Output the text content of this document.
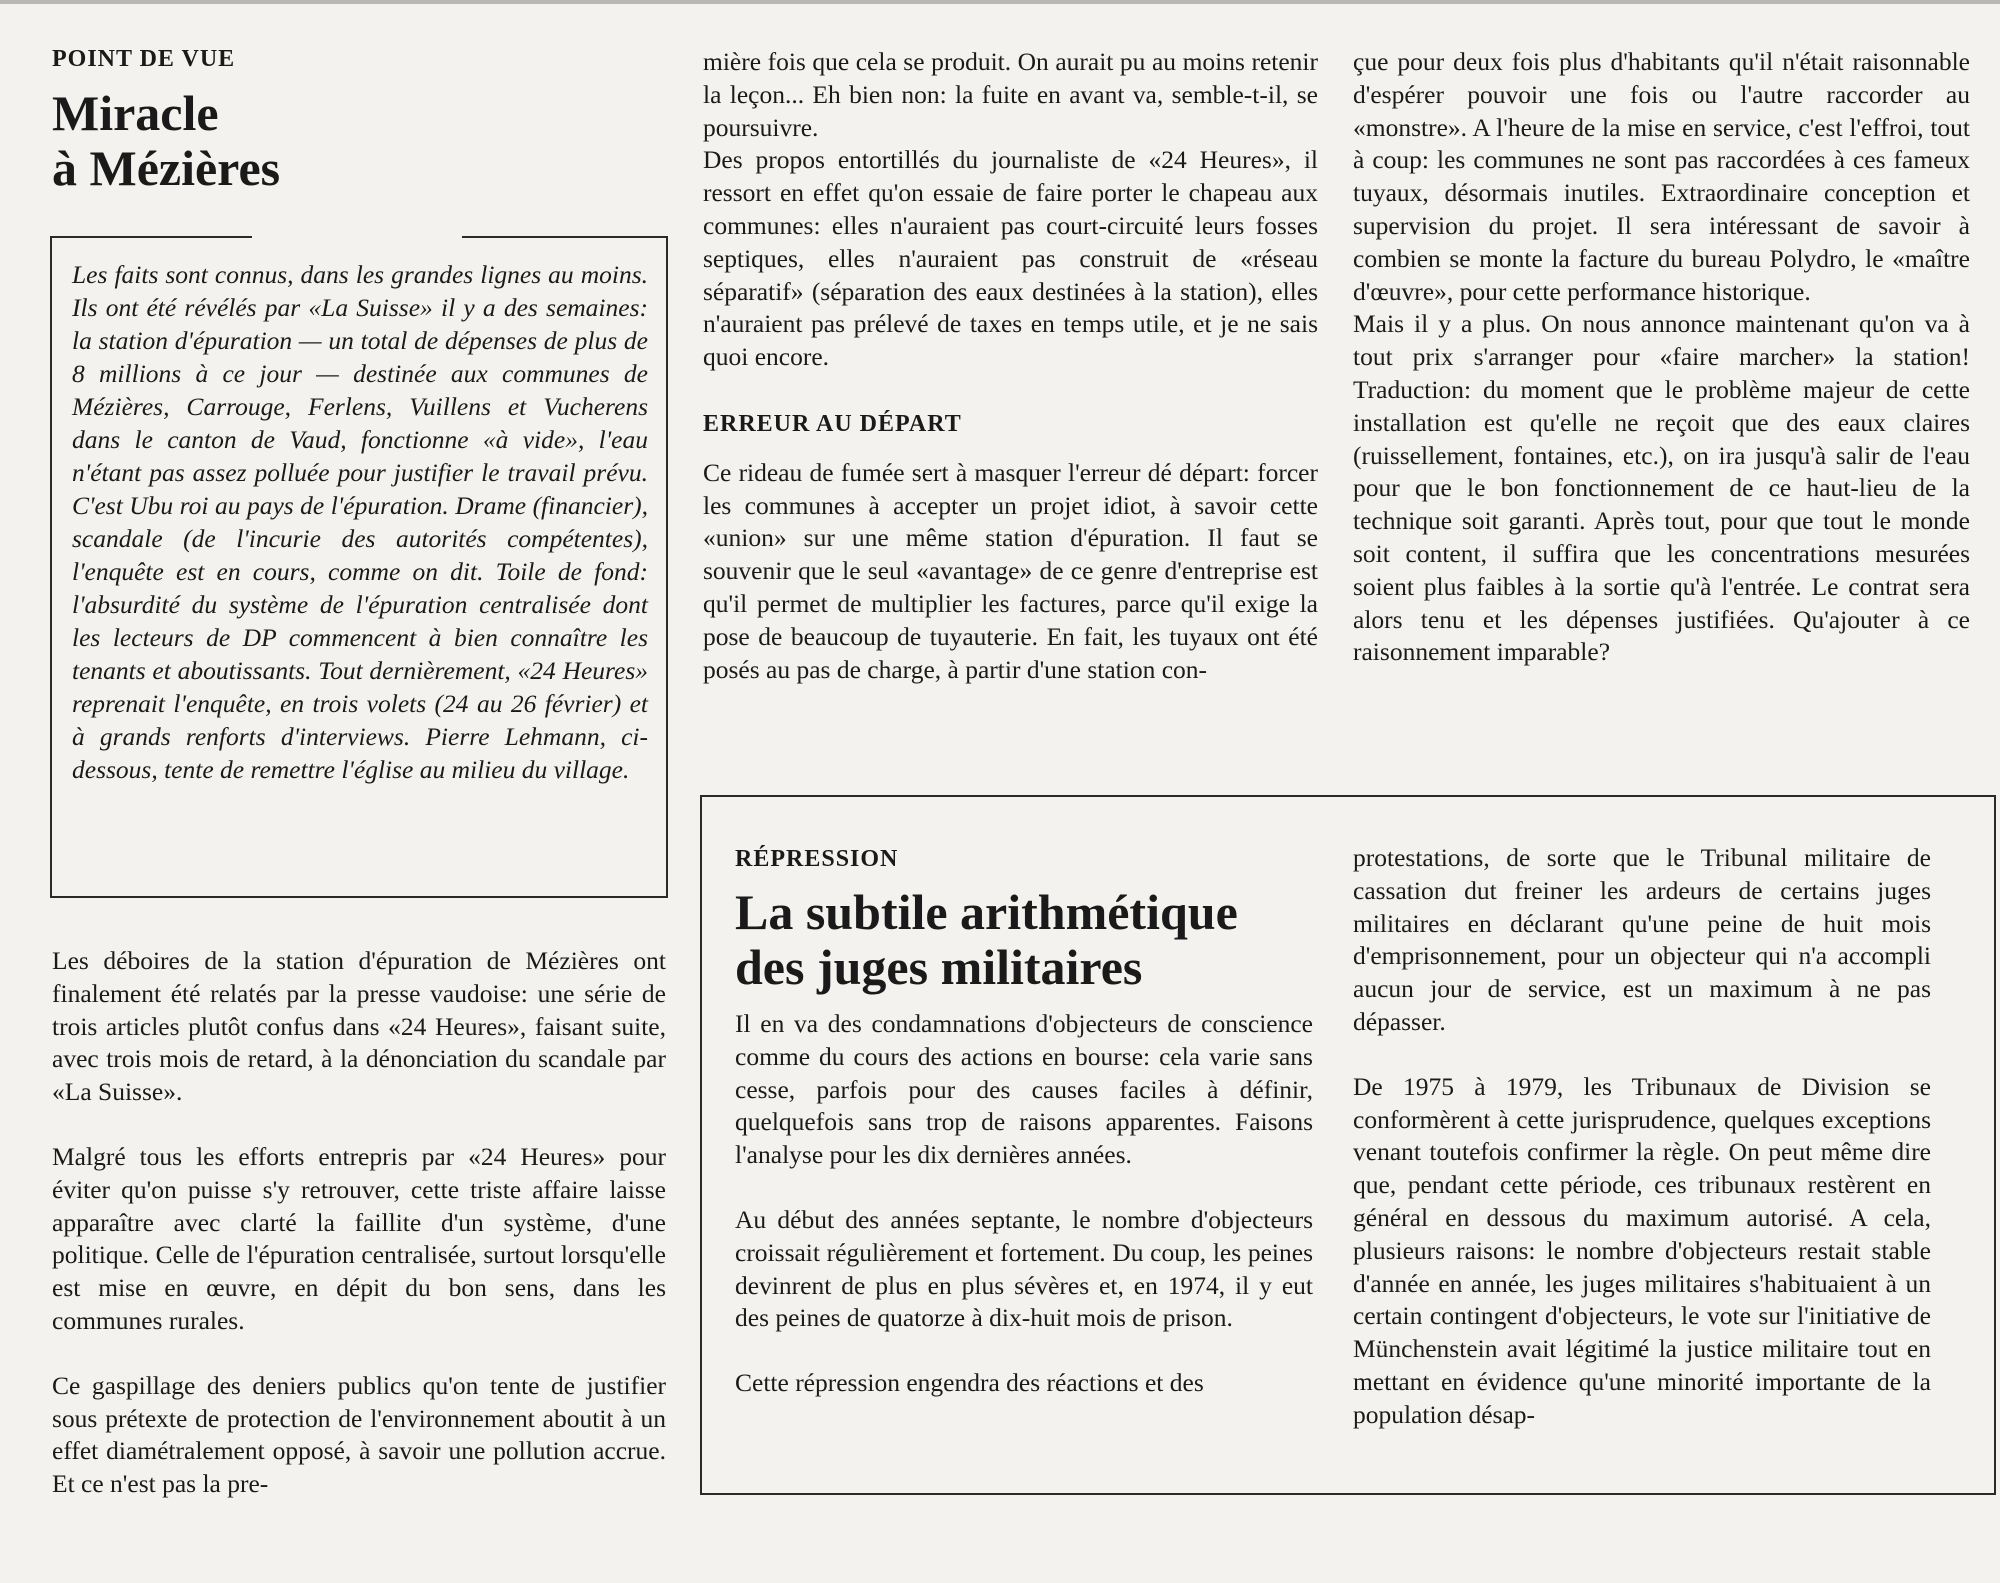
POINT DE VUE
Miracle
à Mézières

Les faits sont connus, dans les grandes lignes au moins. Ils ont été révélés par «La Suisse» il y a des semaines: la station d'épuration — un total de dépenses de plus de 8 millions à ce jour — destinée aux communes de Mézières, Carrouge, Ferlens, Vuillens et Vucherens dans le canton de Vaud, fonctionne «à vide», l'eau n'étant pas assez polluée pour justifier le travail prévu. C'est Ubu roi au pays de l'épuration. Drame (financier), scandale (de l'incurie des autorités compétentes), l'enquête est en cours, comme on dit. Toile de fond: l'absurdité du système de l'épuration centralisée dont les lecteurs de DP commencent à bien connaître les tenants et aboutissants. Tout dernièrement, «24 Heures» reprenait l'enquête, en trois volets (24 au 26 février) et à grands renforts d'interviews. Pierre Lehmann, ci-dessous, tente de remettre l'église au milieu du village.

Les déboires de la station d'épuration de Mézières ont finalement été relatés par la presse vaudoise: une série de trois articles plutôt confus dans «24 Heures», faisant suite, avec trois mois de retard, à la dénonciation du scandale par «La Suisse».

Malgré tous les efforts entrepris par «24 Heures» pour éviter qu'on puisse s'y retrouver, cette triste affaire laisse apparaître avec clarté la faillite d'un système, d'une politique. Celle de l'épuration centralisée, surtout lorsqu'elle est mise en œuvre, en dépit du bon sens, dans les communes rurales.

Ce gaspillage des deniers publics qu'on tente de justifier sous prétexte de protection de l'environnement aboutit à un effet diamétralement opposé, à savoir une pollution accrue. Et ce n'est pas la pre-

mière fois que cela se produit. On aurait pu au moins retenir la leçon... Eh bien non: la fuite en avant va, semble-t-il, se poursuivre.

Des propos entortillés du journaliste de «24 Heures», il ressort en effet qu'on essaie de faire porter le chapeau aux communes: elles n'auraient pas court-circuité leurs fosses septiques, elles n'auraient pas construit de «réseau séparatif» (séparation des eaux destinées à la station), elles n'auraient pas prélevé de taxes en temps utile, et je ne sais quoi encore.

ERREUR AU DÉPART

Ce rideau de fumée sert à masquer l'erreur dé départ: forcer les communes à accepter un projet idiot, à savoir cette «union» sur une même station d'épuration. Il faut se souvenir que le seul «avantage» de ce genre d'entreprise est qu'il permet de multiplier les factures, parce qu'il exige la pose de beaucoup de tuyauterie. En fait, les tuyaux ont été posés au pas de charge, à partir d'une station con-

çue pour deux fois plus d'habitants qu'il n'était raisonnable d'espérer pouvoir une fois ou l'autre raccorder au «monstre». A l'heure de la mise en service, c'est l'effroi, tout à coup: les communes ne sont pas raccordées à ces fameux tuyaux, désormais inutiles. Extraordinaire conception et supervision du projet. Il sera intéressant de savoir à combien se monte la facture du bureau Polydro, le «maître d'œuvre», pour cette performance historique.

Mais il y a plus. On nous annonce maintenant qu'on va à tout prix s'arranger pour «faire marcher» la station! Traduction: du moment que le problème majeur de cette installation est qu'elle ne reçoit que des eaux claires (ruissellement, fontaines, etc.), on ira jusqu'à salir de l'eau pour que le bon fonctionnement de ce haut-lieu de la technique soit garanti. Après tout, pour que tout le monde soit content, il suffira que les concentrations mesurées soient plus faibles à la sortie qu'à l'entrée. Le contrat sera alors tenu et les dépenses justifiées. Qu'ajouter à ce raisonnement imparable?

RÉPRESSION
La subtile arithmétique
des juges militaires

Il en va des condamnations d'objecteurs de conscience comme du cours des actions en bourse: cela varie sans cesse, parfois pour des causes faciles à définir, quelquefois sans trop de raisons apparentes. Faisons l'analyse pour les dix dernières années.

Au début des années septante, le nombre d'objecteurs croissait régulièrement et fortement. Du coup, les peines devinrent de plus en plus sévères et, en 1974, il y eut des peines de quatorze à dix-huit mois de prison.

Cette répression engendra des réactions et des

protestations, de sorte que le Tribunal militaire de cassation dut freiner les ardeurs de certains juges militaires en déclarant qu'une peine de huit mois d'emprisonnement, pour un objecteur qui n'a accompli aucun jour de service, est un maximum à ne pas dépasser.

De 1975 à 1979, les Tribunaux de Division se conformèrent à cette jurisprudence, quelques exceptions venant toutefois confirmer la règle. On peut même dire que, pendant cette période, ces tribunaux restèrent en général en dessous du maximum autorisé. A cela, plusieurs raisons: le nombre d'objecteurs restait stable d'année en année, les juges militaires s'habituaient à un certain contingent d'objecteurs, le vote sur l'initiative de Münchenstein avait légitimé la justice militaire tout en mettant en évidence qu'une minorité importante de la population désap-
